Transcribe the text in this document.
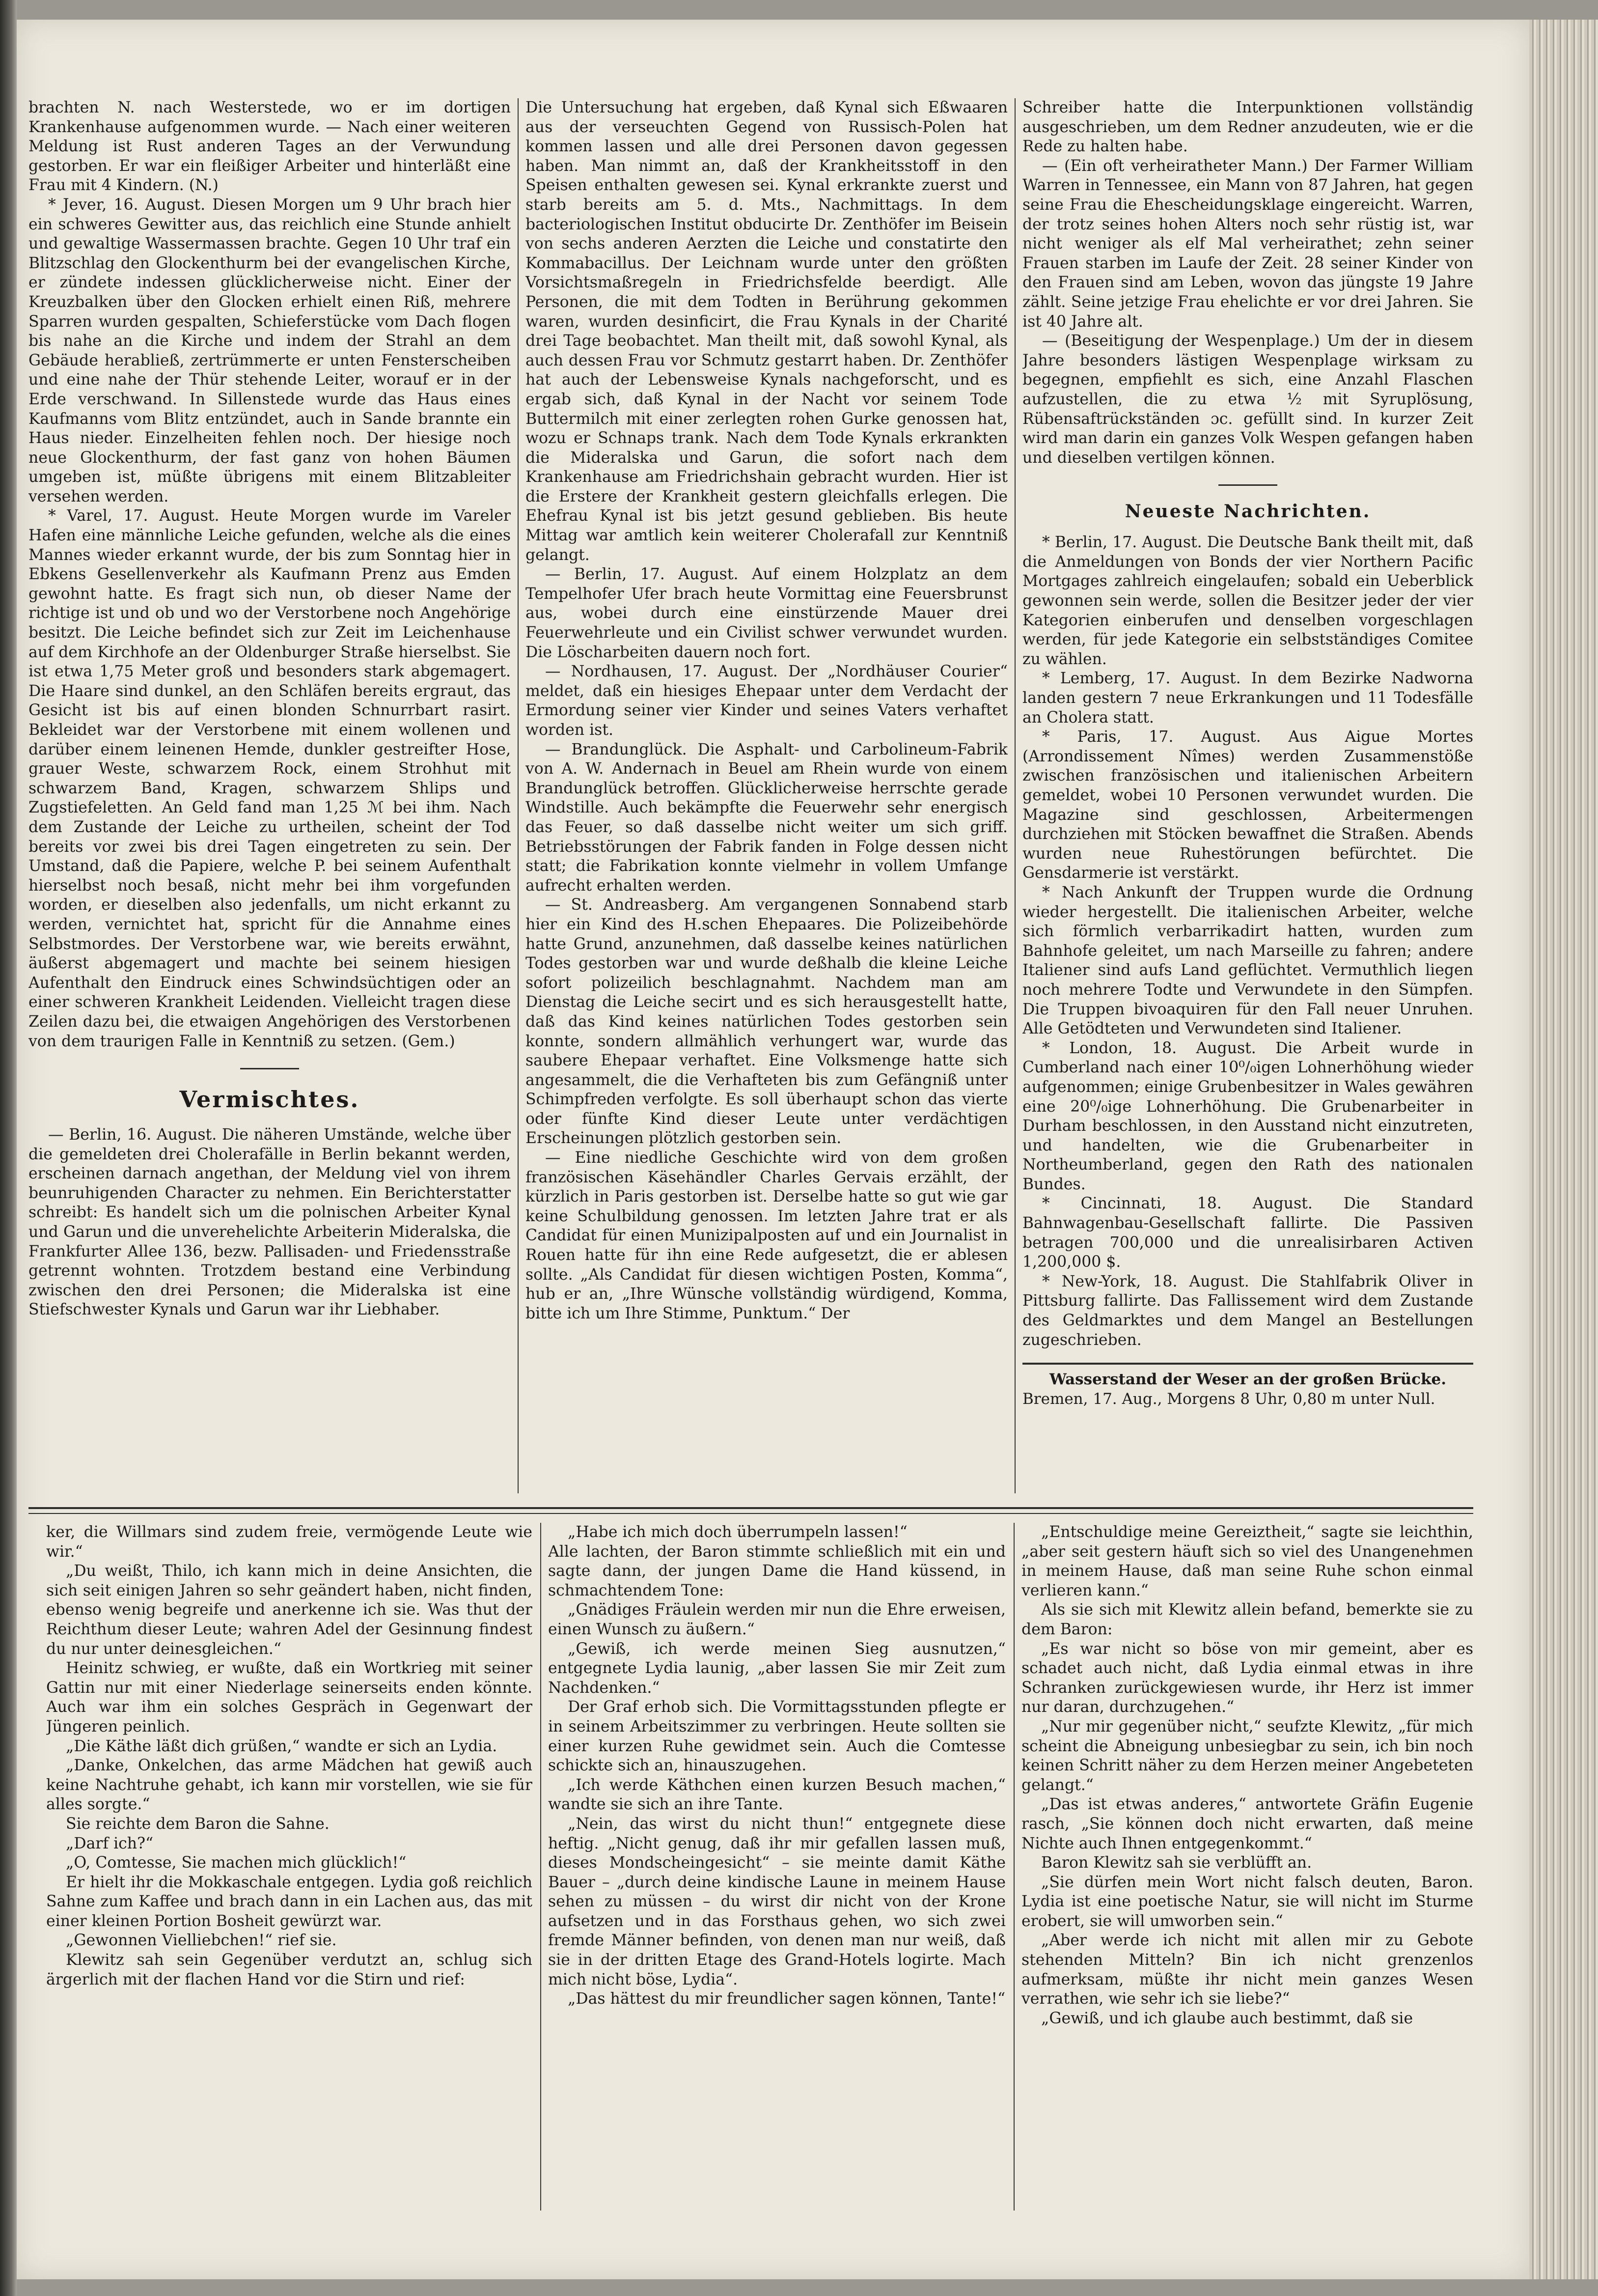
brachten N. nach Westerstede, wo er im dortigen Krankenhause aufgenommen wurde. — Nach einer weiteren Meldung ist Rust anderen Tages an der Verwundung gestorben. Er war ein fleißiger Arbeiter und hinterläßt eine Frau mit 4 Kindern. (N.)

* Jever, 16. August. Diesen Morgen um 9 Uhr brach hier ein schweres Gewitter aus, das reichlich eine Stunde anhielt und gewaltige Wassermassen brachte. Gegen 10 Uhr traf ein Blitzschlag den Glockenthurm bei der evangelischen Kirche, er zündete indessen glücklicherweise nicht. Einer der Kreuzbalken über den Glocken erhielt einen Riß, mehrere Sparren wurden gespalten, Schieferstücke vom Dach flogen bis nahe an die Kirche und indem der Strahl an dem Gebäude herabließ, zertrümmerte er unten Fensterscheiben und eine nahe der Thür stehende Leiter, worauf er in der Erde verschwand. In Sillenstede wurde das Haus eines Kaufmanns vom Blitz entzündet, auch in Sande brannte ein Haus nieder. Einzelheiten fehlen noch. Der hiesige noch neue Glockenthurm, der fast ganz von hohen Bäumen umgeben ist, müßte übrigens mit einem Blitzableiter versehen werden.

* Varel, 17. August. Heute Morgen wurde im Vareler Hafen eine männliche Leiche gefunden, welche als die eines Mannes wieder erkannt wurde, der bis zum Sonntag hier in Ebkens Gesellenverkehr als Kaufmann Prenz aus Emden gewohnt hatte. Es fragt sich nun, ob dieser Name der richtige ist und ob und wo der Verstorbene noch Angehörige besitzt. Die Leiche befindet sich zur Zeit im Leichenhause auf dem Kirchhofe an der Oldenburger Straße hierselbst. Sie ist etwa 1,75 Meter groß und besonders stark abgemagert. Die Haare sind dunkel, an den Schläfen bereits ergraut, das Gesicht ist bis auf einen blonden Schnurrbart rasirt. Bekleidet war der Verstorbene mit einem wollenen und darüber einem leinenen Hemde, dunkler gestreifter Hose, grauer Weste, schwarzem Rock, einem Strohhut mit schwarzem Band, Kragen, schwarzem Shlips und Zugstiefeletten. An Geld fand man 1,25 ℳ bei ihm. Nach dem Zustande der Leiche zu urtheilen, scheint der Tod bereits vor zwei bis drei Tagen eingetreten zu sein. Der Umstand, daß die Papiere, welche P. bei seinem Aufenthalt hierselbst noch besaß, nicht mehr bei ihm vorgefunden worden, er dieselben also jedenfalls, um nicht erkannt zu werden, vernichtet hat, spricht für die Annahme eines Selbstmordes. Der Verstorbene war, wie bereits erwähnt, äußerst abgemagert und machte bei seinem hiesigen Aufenthalt den Eindruck eines Schwindsüchtigen oder an einer schweren Krankheit Leidenden. Vielleicht tragen diese Zeilen dazu bei, die etwaigen Angehörigen des Verstorbenen von dem traurigen Falle in Kenntniß zu setzen. (Gem.)

Vermischtes.

— Berlin, 16. August. Die näheren Umstände, welche über die gemeldeten drei Cholerafälle in Berlin bekannt werden, erscheinen darnach angethan, der Meldung viel von ihrem beunruhigenden Character zu nehmen. Ein Berichterstatter schreibt: Es handelt sich um die polnischen Arbeiter Kynal und Garun und die unverehelichte Arbeiterin Mideralska, die Frankfurter Allee 136, bezw. Pallisaden- und Friedensstraße getrennt wohnten. Trotzdem bestand eine Verbindung zwischen den drei Personen; die Mideralska ist eine Stiefschwester Kynals und Garun war ihr Liebhaber.

Die Untersuchung hat ergeben, daß Kynal sich Eßwaaren aus der verseuchten Gegend von Russisch-Polen hat kommen lassen und alle drei Personen davon gegessen haben. Man nimmt an, daß der Krankheitsstoff in den Speisen enthalten gewesen sei. Kynal erkrankte zuerst und starb bereits am 5. d. Mts., Nachmittags. In dem bacteriologischen Institut obducirte Dr. Zenthöfer im Beisein von sechs anderen Aerzten die Leiche und constatirte den Kommabacillus. Der Leichnam wurde unter den größten Vorsichtsmaßregeln in Friedrichsfelde beerdigt. Alle Personen, die mit dem Todten in Berührung gekommen waren, wurden desinficirt, die Frau Kynals in der Charité drei Tage beobachtet. Man theilt mit, daß sowohl Kynal, als auch dessen Frau vor Schmutz gestarrt haben. Dr. Zenthöfer hat auch der Lebensweise Kynals nachgeforscht, und es ergab sich, daß Kynal in der Nacht vor seinem Tode Buttermilch mit einer zerlegten rohen Gurke genossen hat, wozu er Schnaps trank. Nach dem Tode Kynals erkrankten die Mideralska und Garun, die sofort nach dem Krankenhause am Friedrichshain gebracht wurden. Hier ist die Erstere der Krankheit gestern gleichfalls erlegen. Die Ehefrau Kynal ist bis jetzt gesund geblieben. Bis heute Mittag war amtlich kein weiterer Cholerafall zur Kenntniß gelangt.

— Berlin, 17. August. Auf einem Holzplatz an dem Tempelhofer Ufer brach heute Vormittag eine Feuersbrunst aus, wobei durch eine einstürzende Mauer drei Feuerwehrleute und ein Civilist schwer verwundet wurden. Die Löscharbeiten dauern noch fort.

— Nordhausen, 17. August. Der „Nordhäuser Courier“ meldet, daß ein hiesiges Ehepaar unter dem Verdacht der Ermordung seiner vier Kinder und seines Vaters verhaftet worden ist.

— Brandunglück. Die Asphalt- und Carbolineum-Fabrik von A. W. Andernach in Beuel am Rhein wurde von einem Brandunglück betroffen. Glücklicherweise herrschte gerade Windstille. Auch bekämpfte die Feuerwehr sehr energisch das Feuer, so daß dasselbe nicht weiter um sich griff. Betriebsstörungen der Fabrik fanden in Folge dessen nicht statt; die Fabrikation konnte vielmehr in vollem Umfange aufrecht erhalten werden.

— St. Andreasberg. Am vergangenen Sonnabend starb hier ein Kind des H.schen Ehepaares. Die Polizeibehörde hatte Grund, anzunehmen, daß dasselbe keines natürlichen Todes gestorben war und wurde deßhalb die kleine Leiche sofort polizeilich beschlagnahmt. Nachdem man am Dienstag die Leiche secirt und es sich herausgestellt hatte, daß das Kind keines natürlichen Todes gestorben sein konnte, sondern allmählich verhungert war, wurde das saubere Ehepaar verhaftet. Eine Volksmenge hatte sich angesammelt, die die Verhafteten bis zum Gefängniß unter Schimpfreden verfolgte. Es soll überhaupt schon das vierte oder fünfte Kind dieser Leute unter verdächtigen Erscheinungen plötzlich gestorben sein.

— Eine niedliche Geschichte wird von dem großen französischen Käsehändler Charles Gervais erzählt, der kürzlich in Paris gestorben ist. Derselbe hatte so gut wie gar keine Schulbildung genossen. Im letzten Jahre trat er als Candidat für einen Munizipalposten auf und ein Journalist in Rouen hatte für ihn eine Rede aufgesetzt, die er ablesen sollte. „Als Candidat für diesen wichtigen Posten, Komma“, hub er an, „Ihre Wünsche vollständig würdigend, Komma, bitte ich um Ihre Stimme, Punktum.“ Der

Schreiber hatte die Interpunktionen vollständig ausgeschrieben, um dem Redner anzudeuten, wie er die Rede zu halten habe.

— (Ein oft verheiratheter Mann.) Der Farmer William Warren in Tennessee, ein Mann von 87 Jahren, hat gegen seine Frau die Ehescheidungsklage eingereicht. Warren, der trotz seines hohen Alters noch sehr rüstig ist, war nicht weniger als elf Mal verheirathet; zehn seiner Frauen starben im Laufe der Zeit. 28 seiner Kinder von den Frauen sind am Leben, wovon das jüngste 19 Jahre zählt. Seine jetzige Frau ehelichte er vor drei Jahren. Sie ist 40 Jahre alt.

— (Beseitigung der Wespenplage.) Um der in diesem Jahre besonders lästigen Wespenplage wirksam zu begegnen, empfiehlt es sich, eine Anzahl Flaschen aufzustellen, die zu etwa ½ mit Syruplösung, Rübensaftrückständen ɔc. gefüllt sind. In kurzer Zeit wird man darin ein ganzes Volk Wespen gefangen haben und dieselben vertilgen können.

Neueste Nachrichten.

* Berlin, 17. August. Die Deutsche Bank theilt mit, daß die Anmeldungen von Bonds der vier Northern Pacific Mortgages zahlreich eingelaufen; sobald ein Ueberblick gewonnen sein werde, sollen die Besitzer jeder der vier Kategorien einberufen und denselben vorgeschlagen werden, für jede Kategorie ein selbstständiges Comitee zu wählen.

* Lemberg, 17. August. In dem Bezirke Nadworna landen gestern 7 neue Erkrankungen und 11 Todesfälle an Cholera statt.

* Paris, 17. August. Aus Aigue Mortes (Arrondissement Nîmes) werden Zusammenstöße zwischen französischen und italienischen Arbeitern gemeldet, wobei 10 Personen verwundet wurden. Die Magazine sind geschlossen, Arbeitermengen durchziehen mit Stöcken bewaffnet die Straßen. Abends wurden neue Ruhestörungen befürchtet. Die Gensdarmerie ist verstärkt.

* Nach Ankunft der Truppen wurde die Ordnung wieder hergestellt. Die italienischen Arbeiter, welche sich förmlich verbarrikadirt hatten, wurden zum Bahnhofe geleitet, um nach Marseille zu fahren; andere Italiener sind aufs Land geflüchtet. Vermuthlich liegen noch mehrere Todte und Verwundete in den Sümpfen. Die Truppen bivoaquiren für den Fall neuer Unruhen. Alle Getödteten und Verwundeten sind Italiener.

* London, 18. August. Die Arbeit wurde in Cumberland nach einer 10⁰/₀igen Lohnerhöhung wieder aufgenommen; einige Grubenbesitzer in Wales gewähren eine 20⁰/₀ige Lohnerhöhung. Die Grubenarbeiter in Durham beschlossen, in den Ausstand nicht einzutreten, und handelten, wie die Grubenarbeiter in Northeumberland, gegen den Rath des nationalen Bundes.

* Cincinnati, 18. August. Die Standard Bahnwagenbau-Gesellschaft fallirte. Die Passiven betragen 700,000 und die unrealisirbaren Activen 1,200,000 $.

* New-York, 18. August. Die Stahlfabrik Oliver in Pittsburg fallirte. Das Fallissement wird dem Zustande des Geldmarktes und dem Mangel an Bestellungen zugeschrieben.

Wasserstand der Weser an der großen Brücke.
Bremen, 17. Aug., Morgens 8 Uhr, 0,80 m unter Null.

ker, die Willmars sind zudem freie, vermögende Leute wie wir.“

„Du weißt, Thilo, ich kann mich in deine Ansichten, die sich seit einigen Jahren so sehr geändert haben, nicht finden, ebenso wenig begreife und anerkenne ich sie. Was thut der Reichthum dieser Leute; wahren Adel der Gesinnung findest du nur unter deinesgleichen.“

Heinitz schwieg, er wußte, daß ein Wortkrieg mit seiner Gattin nur mit einer Niederlage seinerseits enden könnte. Auch war ihm ein solches Gespräch in Gegenwart der Jüngeren peinlich.

„Die Käthe läßt dich grüßen,“ wandte er sich an Lydia.

„Danke, Onkelchen, das arme Mädchen hat gewiß auch keine Nachtruhe gehabt, ich kann mir vorstellen, wie sie für alles sorgte.“

Sie reichte dem Baron die Sahne.

„Darf ich?“

„O, Comtesse, Sie machen mich glücklich!“

Er hielt ihr die Mokkaschale entgegen. Lydia goß reichlich Sahne zum Kaffee und brach dann in ein Lachen aus, das mit einer kleinen Portion Bosheit gewürzt war.

„Gewonnen Vielliebchen!“ rief sie.

Klewitz sah sein Gegenüber verdutzt an, schlug sich ärgerlich mit der flachen Hand vor die Stirn und rief:

„Habe ich mich doch überrumpeln lassen!“

Alle lachten, der Baron stimmte schließlich mit ein und sagte dann, der jungen Dame die Hand küssend, in schmachtendem Tone:

„Gnädiges Fräulein werden mir nun die Ehre erweisen, einen Wunsch zu äußern.“

„Gewiß, ich werde meinen Sieg ausnutzen,“ entgegnete Lydia launig, „aber lassen Sie mir Zeit zum Nachdenken.“

Der Graf erhob sich. Die Vormittagsstunden pflegte er in seinem Arbeitszimmer zu verbringen. Heute sollten sie einer kurzen Ruhe gewidmet sein. Auch die Comtesse schickte sich an, hinauszugehen.

„Ich werde Käthchen einen kurzen Besuch machen,“ wandte sie sich an ihre Tante.

„Nein, das wirst du nicht thun!“ entgegnete diese heftig. „Nicht genug, daß ihr mir gefallen lassen muß, dieses Mondscheingesicht“ – sie meinte damit Käthe Bauer – „durch deine kindische Laune in meinem Hause sehen zu müssen – du wirst dir nicht von der Krone aufsetzen und in das Forsthaus gehen, wo sich zwei fremde Männer befinden, von denen man nur weiß, daß sie in der dritten Etage des Grand-Hotels logirte. Mach mich nicht böse, Lydia“.

„Das hättest du mir freundlicher sagen können, Tante!“

„Entschuldige meine Gereiztheit,“ sagte sie leichthin, „aber seit gestern häuft sich so viel des Unangenehmen in meinem Hause, daß man seine Ruhe schon einmal verlieren kann.“

Als sie sich mit Klewitz allein befand, bemerkte sie zu dem Baron:

„Es war nicht so böse von mir gemeint, aber es schadet auch nicht, daß Lydia einmal etwas in ihre Schranken zurückgewiesen wurde, ihr Herz ist immer nur daran, durchzugehen.“

„Nur mir gegenüber nicht,“ seufzte Klewitz, „für mich scheint die Abneigung unbesiegbar zu sein, ich bin noch keinen Schritt näher zu dem Herzen meiner Angebeteten gelangt.“

„Das ist etwas anderes,“ antwortete Gräfin Eugenie rasch, „Sie können doch nicht erwarten, daß meine Nichte auch Ihnen entgegenkommt.“

Baron Klewitz sah sie verblüfft an.

„Sie dürfen mein Wort nicht falsch deuten, Baron. Lydia ist eine poetische Natur, sie will nicht im Sturme erobert, sie will umworben sein.“

„Aber werde ich nicht mit allen mir zu Gebote stehenden Mitteln? Bin ich nicht grenzenlos aufmerksam, müßte ihr nicht mein ganzes Wesen verrathen, wie sehr ich sie liebe?“

„Gewiß, und ich glaube auch bestimmt, daß sie
